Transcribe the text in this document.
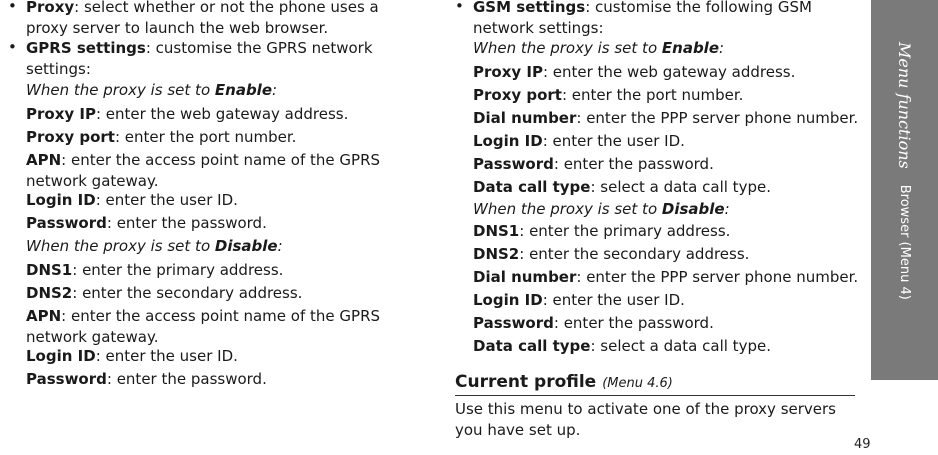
• Proxy: select whether or not the phone uses a proxy server to launch the web browser.
• GPRS settings: customise the GPRS network settings:
When the proxy is set to Enable:
Proxy IP: enter the web gateway address.
Proxy port: enter the port number.
APN: enter the access point name of the GPRS network gateway.
Login ID: enter the user ID.
Password: enter the password.
When the proxy is set to Disable:
DNS1: enter the primary address.
DNS2: enter the secondary address.
APN: enter the access point name of the GPRS network gateway.
Login ID: enter the user ID.
Password: enter the password.
• GSM settings: customise the following GSM network settings:
When the proxy is set to Enable:
Proxy IP: enter the web gateway address.
Proxy port: enter the port number.
Dial number: enter the PPP server phone number.
Login ID: enter the user ID.
Password: enter the password.
Data call type: select a data call type.
When the proxy is set to Disable:
DNS1: enter the primary address.
DNS2: enter the secondary address.
Dial number: enter the PPP server phone number.
Login ID: enter the user ID.
Password: enter the password.
Data call type: select a data call type.
Current profile (Menu 4.6)
Use this menu to activate one of the proxy servers you have set up.
Menu functions
Browser (Menu 4)
49
